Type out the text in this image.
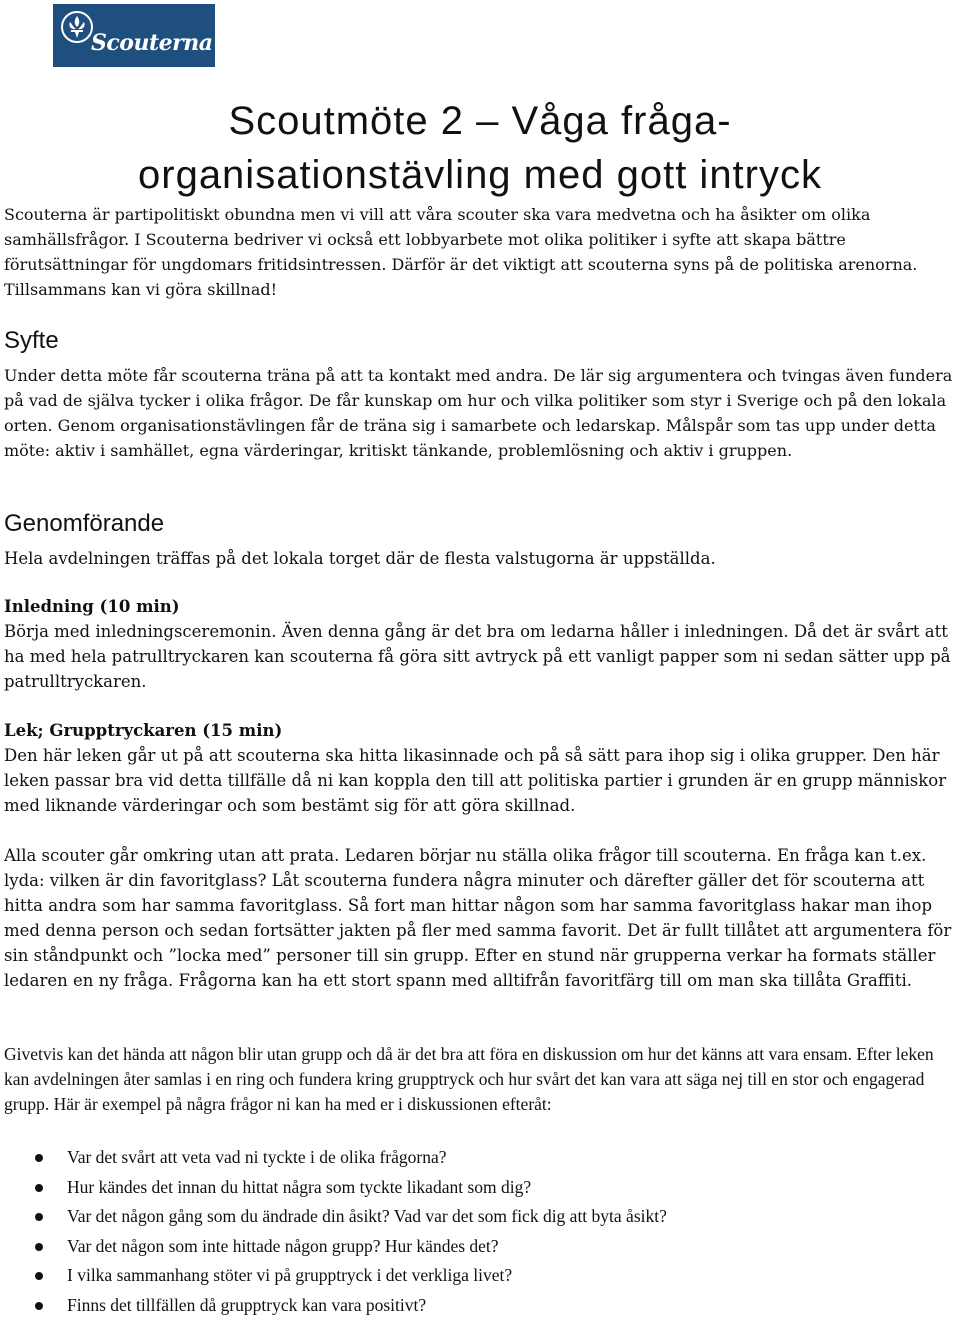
Scouterna
Scoutmöte 2 – Våga fråga-
organisationstävling med gott intryck

Scouterna är partipolitiskt obundna men vi vill att våra scouter ska vara medvetna och ha åsikter om olika samhällsfrågor. I Scouterna bedriver vi också ett lobbyarbete mot olika politiker i syfte att skapa bättre förutsättningar för ungdomars fritidsintressen. Därför är det viktigt att scouterna syns på de politiska arenorna. Tillsammans kan vi göra skillnad!

Syfte

Under detta möte får scouterna träna på att ta kontakt med andra. De lär sig argumentera och tvingas även fundera på vad de själva tycker i olika frågor. De får kunskap om hur och vilka politiker som styr i Sverige och på den lokala orten. Genom organisationstävlingen får de träna sig i samarbete och ledarskap. Målspår som tas upp under detta möte: aktiv i samhället, egna värderingar, kritiskt tänkande, problemlösning och aktiv i gruppen.

Genomförande

Hela avdelningen träffas på det lokala torget där de flesta valstugorna är uppställda.

Inledning (10 min)

Börja med inledningsceremonin. Även denna gång är det bra om ledarna håller i inledningen. Då det är svårt att ha med hela patrulltryckaren kan scouterna få göra sitt avtryck på ett vanligt papper som ni sedan sätter upp på patrulltryckaren.

Lek; Grupptryckaren (15 min)

Den här leken går ut på att scouterna ska hitta likasinnade och på så sätt para ihop sig i olika grupper. Den här leken passar bra vid detta tillfälle då ni kan koppla den till att politiska partier i grunden är en grupp människor med liknande värderingar och som bestämt sig för att göra skillnad.

Alla scouter går omkring utan att prata. Ledaren börjar nu ställa olika frågor till scouterna. En fråga kan t.ex. lyda: vilken är din favoritglass? Låt scouterna fundera några minuter och därefter gäller det för scouterna att hitta andra som har samma favoritglass. Så fort man hittar någon som har samma favoritglass hakar man ihop med denna person och sedan fortsätter jakten på fler med samma favorit. Det är fullt tillåtet att argumentera för sin ståndpunkt och ”locka med” personer till sin grupp. Efter en stund när grupperna verkar ha formats ställer ledaren en ny fråga. Frågorna kan ha ett stort spann med alltifrån favoritfärg till om man ska tillåta Graffiti.

Givetvis kan det hända att någon blir utan grupp och då är det bra att föra en diskussion om hur det känns att vara ensam. Efter leken kan avdelningen åter samlas i en ring och fundera kring grupptryck och hur svårt det kan vara att säga nej till en stor och engagerad grupp. Här är exempel på några frågor ni kan ha med er i diskussionen efteråt:

Var det svårt att veta vad ni tyckte i de olika frågorna?
Hur kändes det innan du hittat några som tyckte likadant som dig?
Var det någon gång som du ändrade din åsikt? Vad var det som fick dig att byta åsikt?
Var det någon som inte hittade någon grupp? Hur kändes det?
I vilka sammanhang stöter vi på grupptryck i det verkliga livet?
Finns det tillfällen då grupptryck kan vara positivt?
